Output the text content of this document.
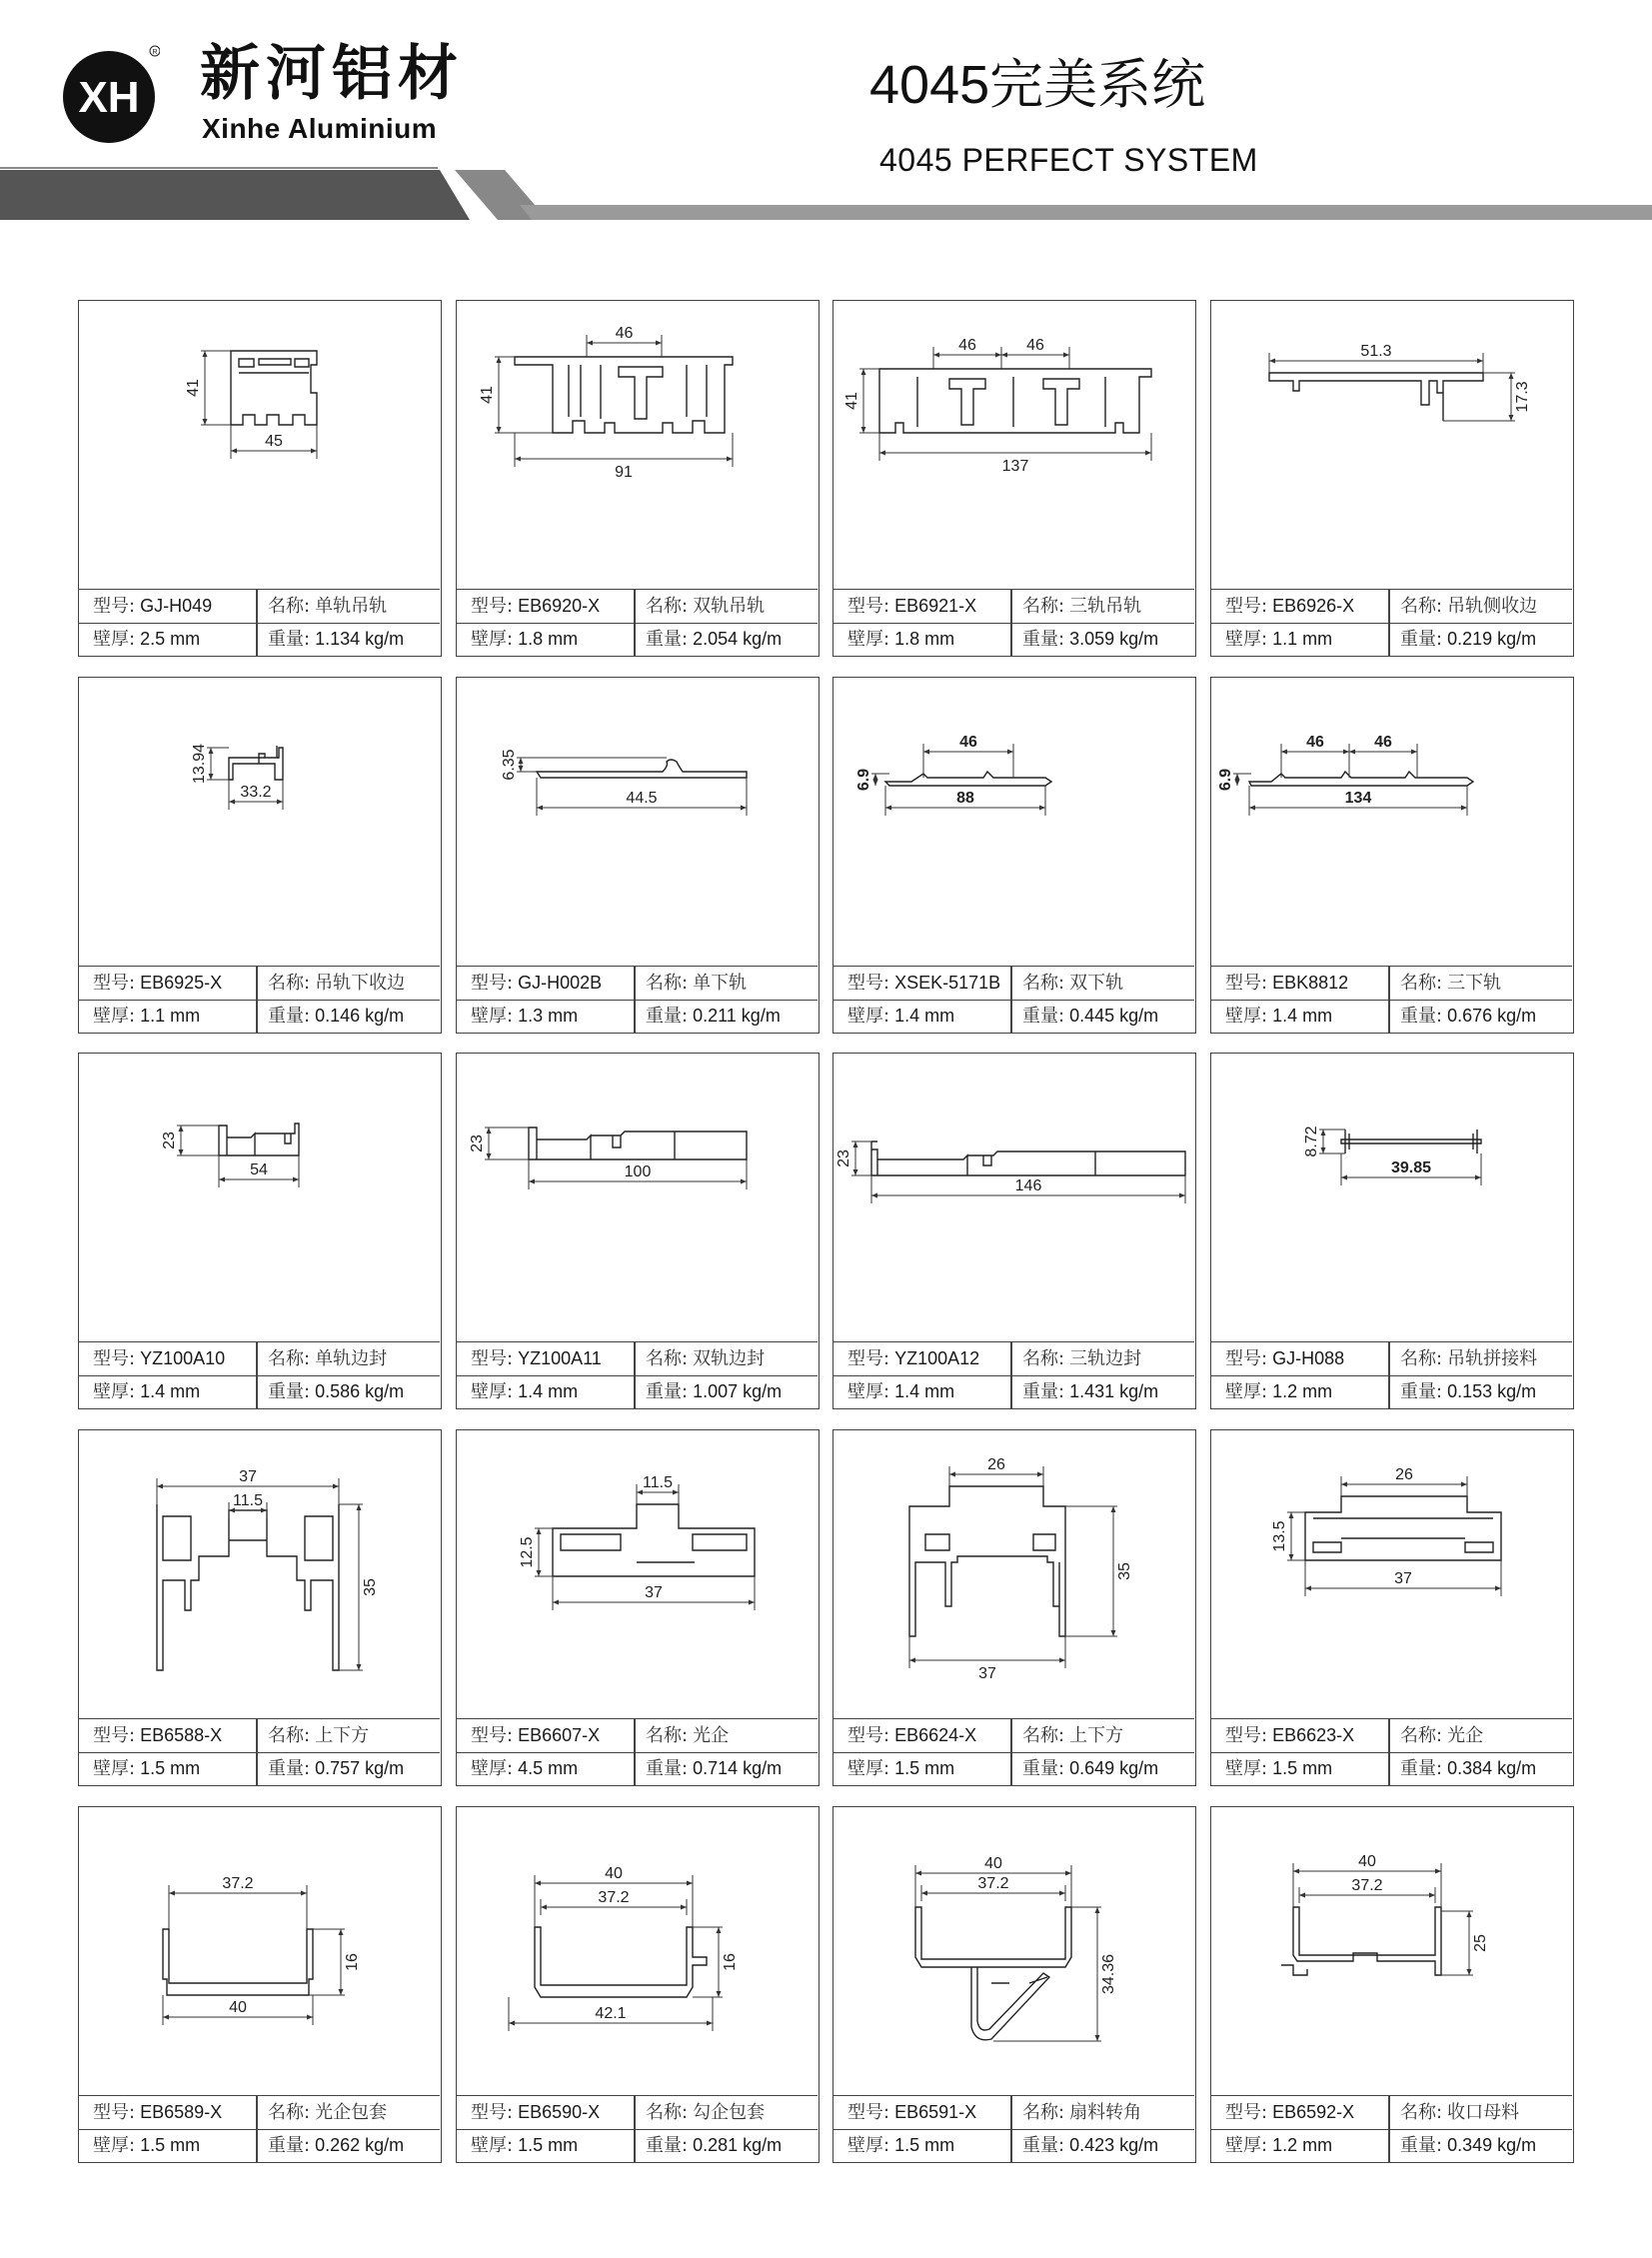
XH
R 新河铝材
Xinhe Aluminium
4045完美系统
4045 PERFECT SYSTEM
41
45
型号: GJ-H049	名称: 单轨吊轨
壁厚: 2.5 mm	重量: 1.134 kg/m
46
41
91
型号: EB6920-X	名称: 双轨吊轨
壁厚: 1.8 mm	重量: 2.054 kg/m
46	46
41
137
型号: EB6921-X	名称: 三轨吊轨
壁厚: 1.8 mm	重量: 3.059 kg/m
51.3
17.3
型号: EB6926-X	名称: 吊轨侧收边
壁厚: 1.1 mm	重量: 0.219 kg/m
13.94
33.2
型号: EB6925-X	名称: 吊轨下收边
壁厚: 1.1 mm	重量: 0.146 kg/m
6.35
44.5
型号: GJ-H002B	名称: 单下轨
壁厚: 1.3 mm	重量: 0.211 kg/m
46
6.9
88
型号: XSEK-5171B	名称: 双下轨
壁厚: 1.4 mm	重量: 0.445 kg/m
46	46
6.9
134
型号: EBK8812	名称: 三下轨
壁厚: 1.4 mm	重量: 0.676 kg/m
23
54
型号: YZ100A10	名称: 单轨边封
壁厚: 1.4 mm	重量: 0.586 kg/m
23
100
型号: YZ100A11	名称: 双轨边封
壁厚: 1.4 mm	重量: 1.007 kg/m
23
146
型号: YZ100A12	名称: 三轨边封
壁厚: 1.4 mm	重量: 1.431 kg/m
8.72
39.85
型号: GJ-H088	名称: 吊轨拼接料
壁厚: 1.2 mm	重量: 0.153 kg/m
37
11.5
35
型号: EB6588-X	名称: 上下方
壁厚: 1.5 mm	重量: 0.757 kg/m
11.5
12.5
37
型号: EB6607-X	名称: 光企
壁厚: 4.5 mm	重量: 0.714 kg/m
26
35
37
型号: EB6624-X	名称: 上下方
壁厚: 1.5 mm	重量: 0.649 kg/m
26
13.5
37
型号: EB6623-X	名称: 光企
壁厚: 1.5 mm	重量: 0.384 kg/m
37.2
16
40
型号: EB6589-X	名称: 光企包套
壁厚: 1.5 mm	重量: 0.262 kg/m
40
37.2
16
42.1
型号: EB6590-X	名称: 勾企包套
壁厚: 1.5 mm	重量: 0.281 kg/m
40
37.2
34.36
型号: EB6591-X	名称: 扇料转角
壁厚: 1.5 mm	重量: 0.423 kg/m
40
37.2
25
型号: EB6592-X	名称: 收口母料
壁厚: 1.2 mm	重量: 0.349 kg/m
